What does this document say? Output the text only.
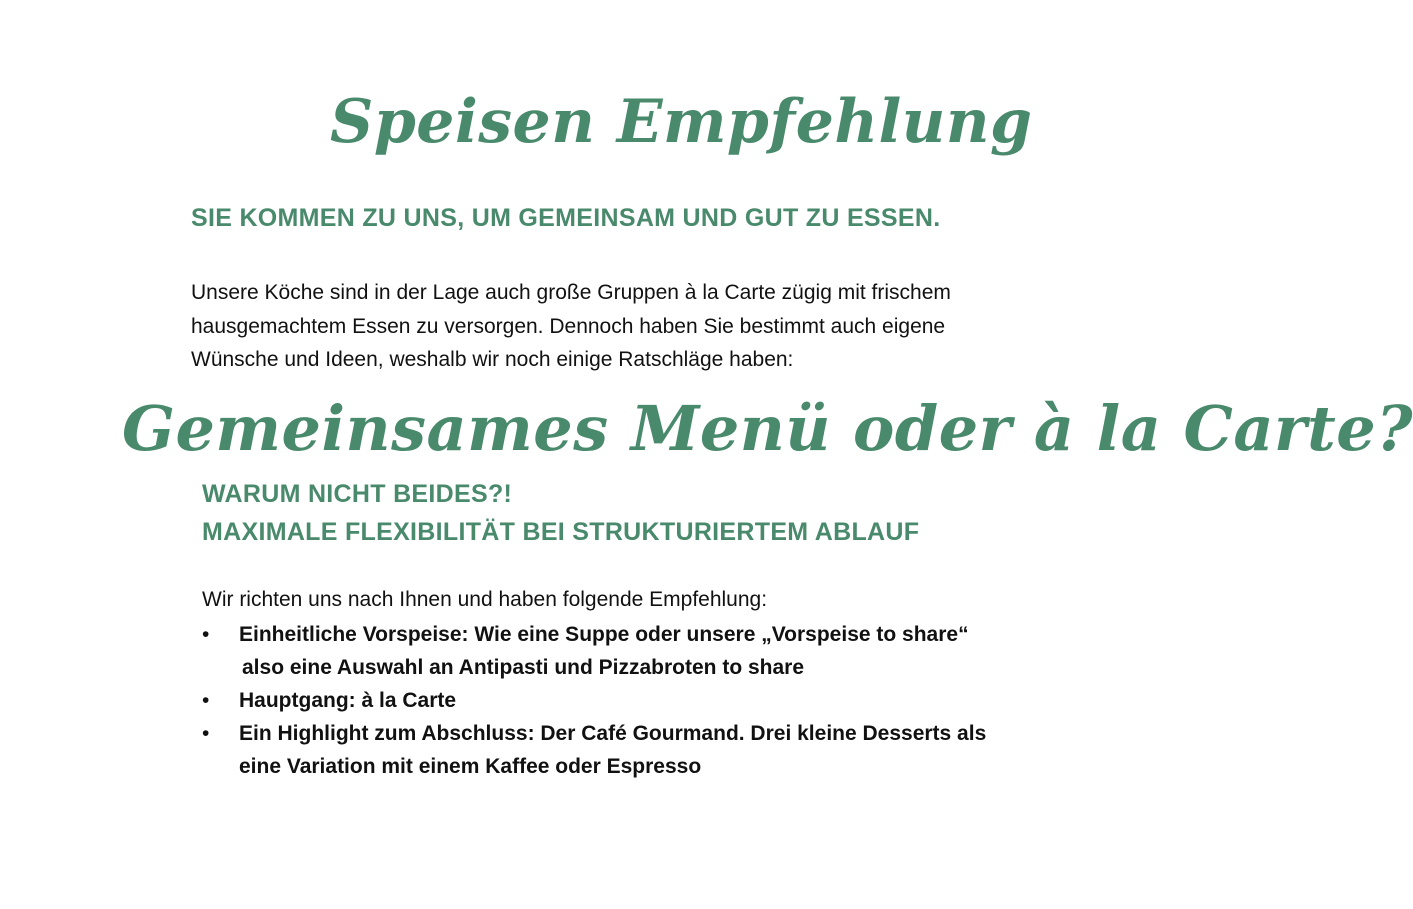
Speisen Empfehlung
SIE KOMMEN ZU UNS, UM GEMEINSAM UND GUT ZU ESSEN.

Unsere Köche sind in der Lage auch große Gruppen à la Carte zügig mit frischem
hausgemachtem Essen zu versorgen. Dennoch haben Sie bestimmt auch eigene
Wünsche und Ideen, weshalb wir noch einige Ratschläge haben:

Gemeinsames Menü oder à la Carte?
WARUM NICHT BEIDES?!
MAXIMALE FLEXIBILITÄT BEI STRUKTURIERTEM ABLAUF

Wir richten uns nach Ihnen und haben folgende Empfehlung:

• Einheitliche Vorspeise: Wie eine Suppe oder unsere „Vorspeise to share“
also eine Auswahl an Antipasti und Pizzabroten to share
• Hauptgang: à la Carte
• Ein Highlight zum Abschluss: Der Café Gourmand. Drei kleine Desserts als
eine Variation mit einem Kaffee oder Espresso
